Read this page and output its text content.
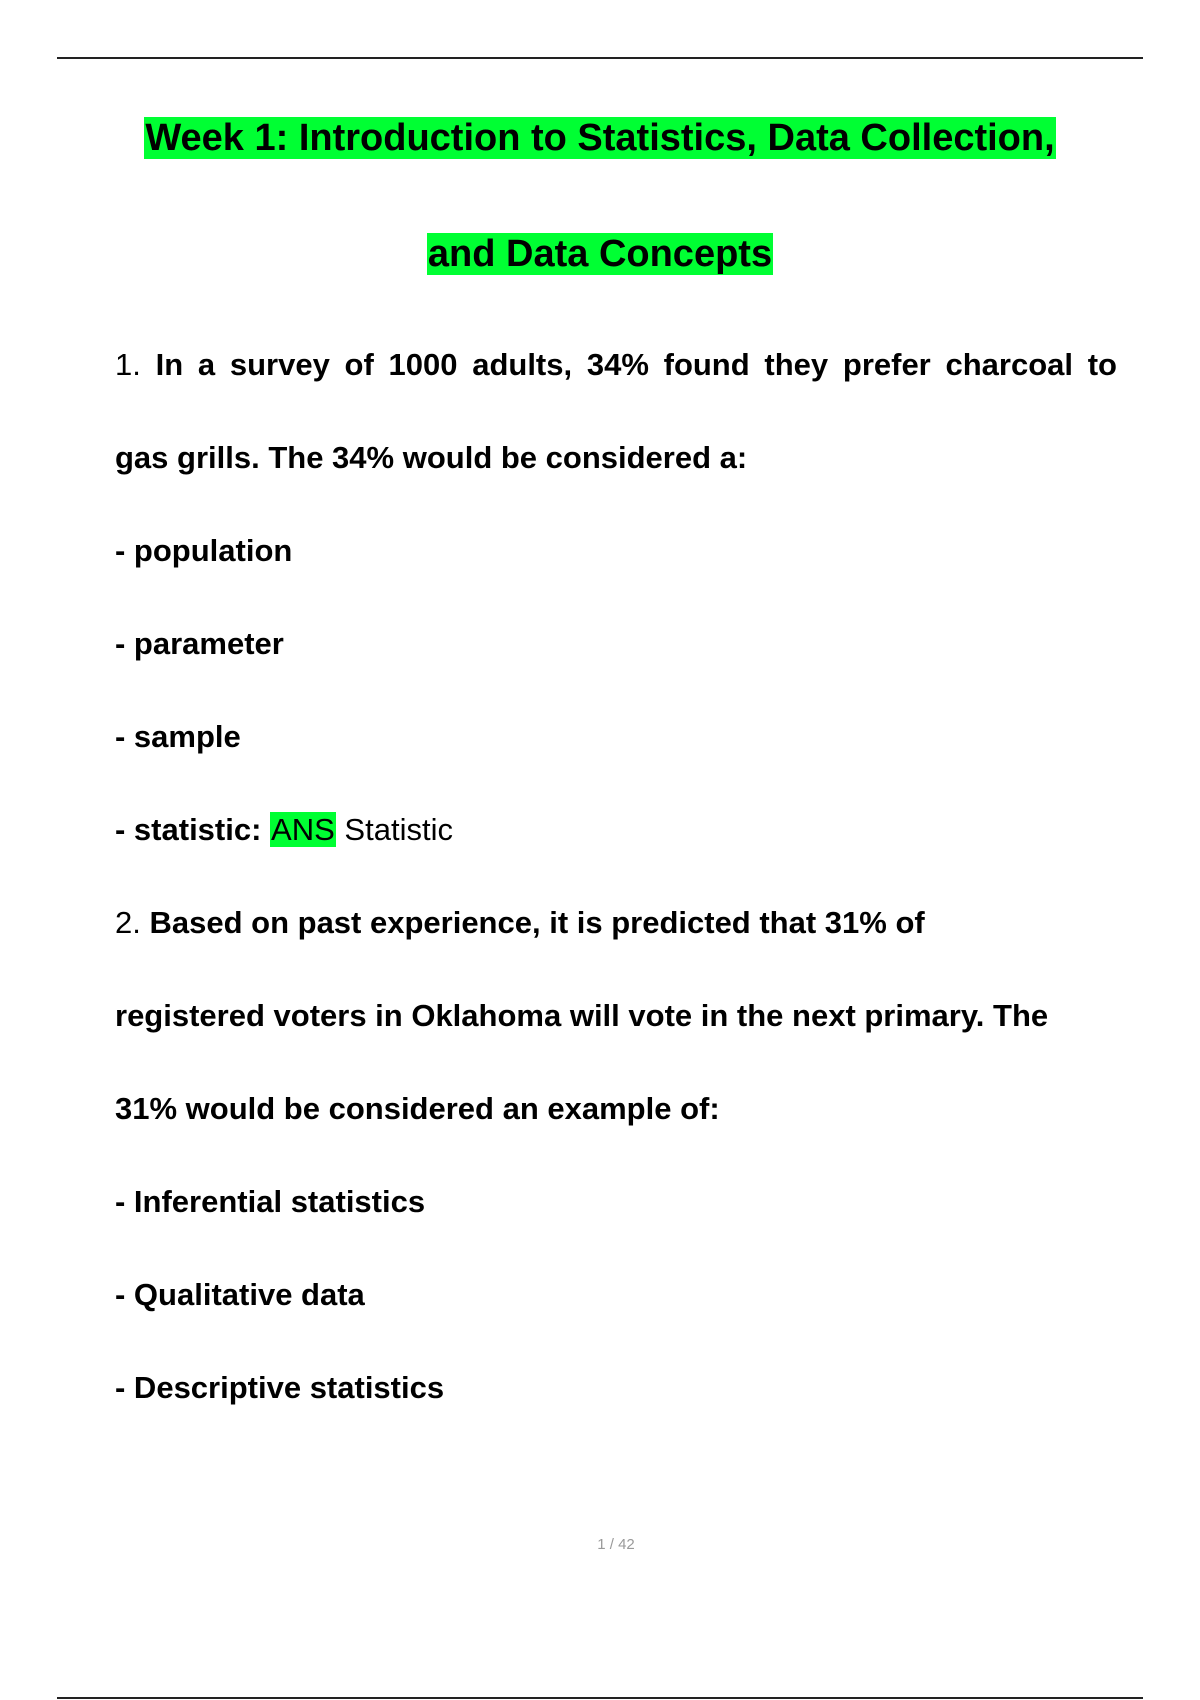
Week 1: Introduction to Statistics, Data Collection,
and Data Concepts
1. In a survey of 1000 adults, 34% found they prefer charcoal to
gas grills. The 34% would be considered a:
- population
- parameter
- sample
- statistic: ANS Statistic
2. Based on past experience, it is predicted that 31% of
registered voters in Oklahoma will vote in the next primary. The
31% would be considered an example of:
- Inferential statistics
- Qualitative data
- Descriptive statistics
1 / 42
